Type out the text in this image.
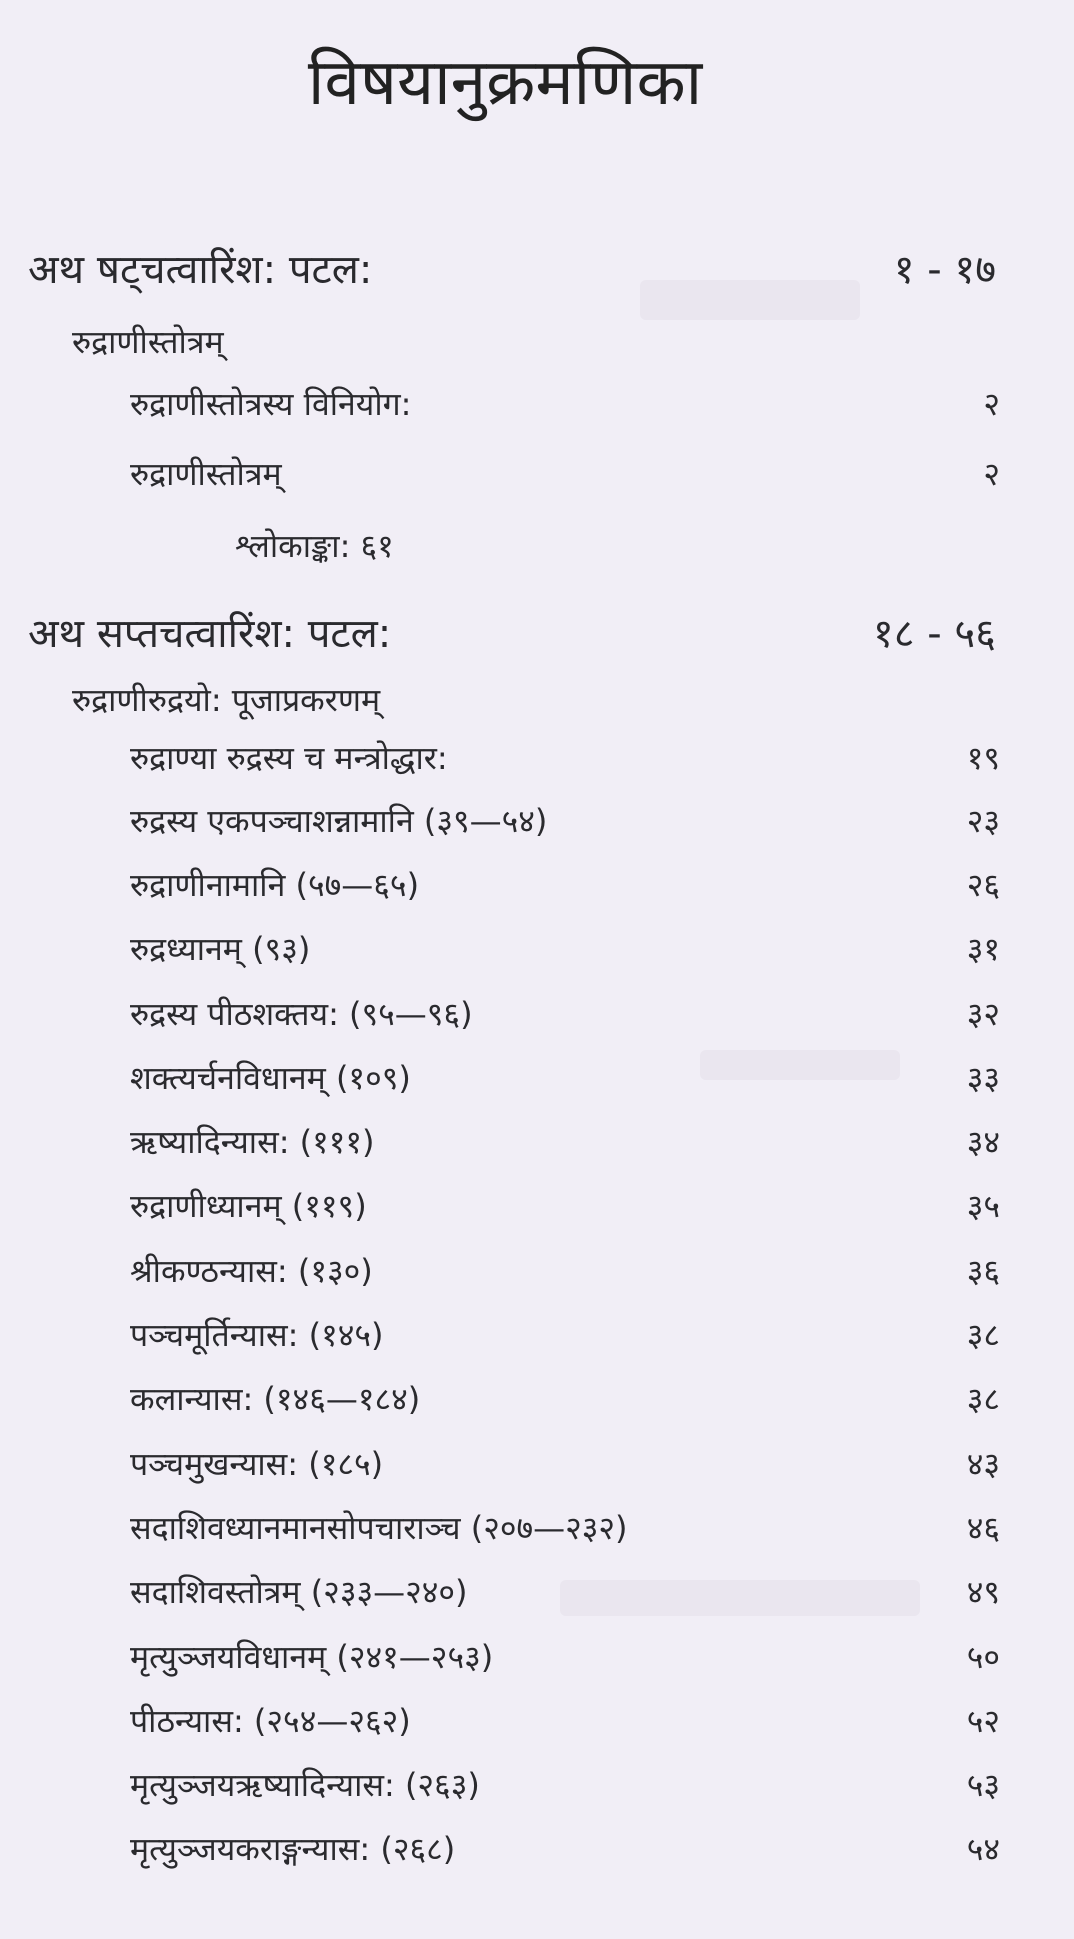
विषयानुक्रमणिका
अथ षट्चत्वारिंश: पटल:	१ - १७
रुद्राणीस्तोत्रम्
रुद्राणीस्तोत्रस्य विनियोग:	२
रुद्राणीस्तोत्रम्	२
श्लोकाङ्का: ६१
अथ सप्तचत्वारिंश: पटल:	१८ - ५६
रुद्राणीरुद्रयो: पूजाप्रकरणम्
रुद्राण्या रुद्रस्य च मन्त्रोद्धार:	१९
रुद्रस्य एकपञ्चाशन्नामानि (३९—५४)	२३
रुद्राणीनामानि (५७—६५)	२६
रुद्रध्यानम् (९३)	३१
रुद्रस्य पीठशक्तय: (९५—९६)	३२
शक्त्यर्चनविधानम् (१०९)	३३
ऋष्यादिन्यास: (१११)	३४
रुद्राणीध्यानम् (११९)	३५
श्रीकण्ठन्यास: (१३०)	३६
पञ्चमूर्तिन्यास: (१४५)	३८
कलान्यास: (१४६—१८४)	३८
पञ्चमुखन्यास: (१८५)	४३
सदाशिवध्यानमानसोपचाराञ्च (२०७—२३२)	४६
सदाशिवस्तोत्रम् (२३३—२४०)	४९
मृत्युञ्जयविधानम् (२४१—२५३)	५०
पीठन्यास: (२५४—२६२)	५२
मृत्युञ्जयऋष्यादिन्यास: (२६३)	५३
मृत्युञ्जयकराङ्गन्यास: (२६८)	५४
